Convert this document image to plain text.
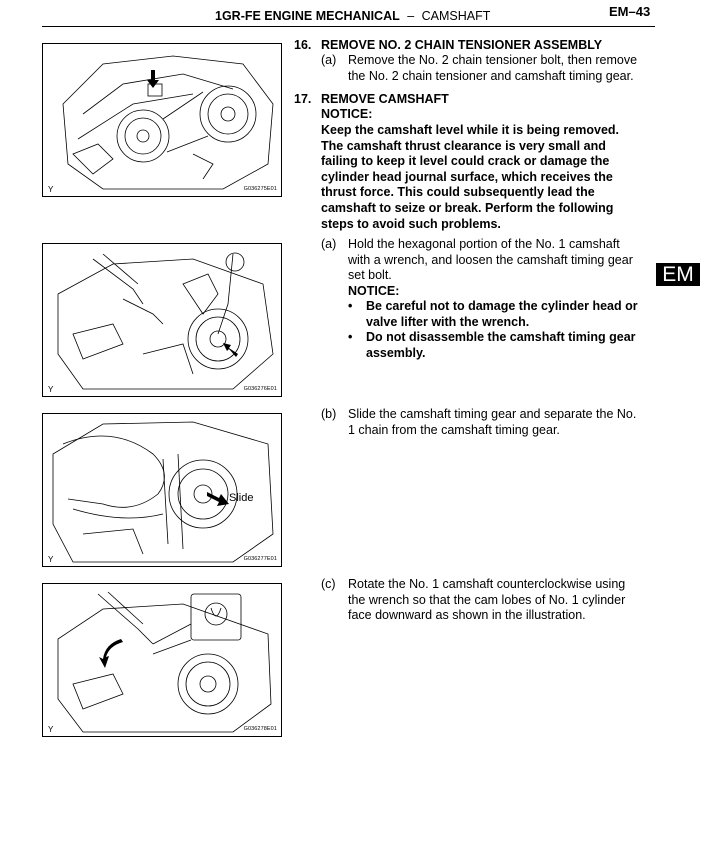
1GR-FE ENGINE MECHANICAL – CAMSHAFT	EM–43
EM
Y	G036275E01
Y	G036276E01
Slide
Y	G036277E01
Y	G036278E01
16. REMOVE NO. 2 CHAIN TENSIONER ASSEMBLY
(a) Remove the No. 2 chain tensioner bolt, then remove
the No. 2 chain tensioner and camshaft timing gear.
17. REMOVE CAMSHAFT
NOTICE:
Keep the camshaft level while it is being removed.
The camshaft thrust clearance is very small and
failing to keep it level could crack or damage the
cylinder head journal surface, which receives the
thrust force. This could subsequently lead the
camshaft to seize or break. Perform the following
steps to avoid such problems.
(a) Hold the hexagonal portion of the No. 1 camshaft
with a wrench, and loosen the camshaft timing gear
set bolt.
NOTICE:
• Be careful not to damage the cylinder head or
valve lifter with the wrench.
• Do not disassemble the camshaft timing gear
assembly.
(b) Slide the camshaft timing gear and separate the No.
1 chain from the camshaft timing gear.
(c) Rotate the No. 1 camshaft counterclockwise using
the wrench so that the cam lobes of No. 1 cylinder
face downward as shown in the illustration.
